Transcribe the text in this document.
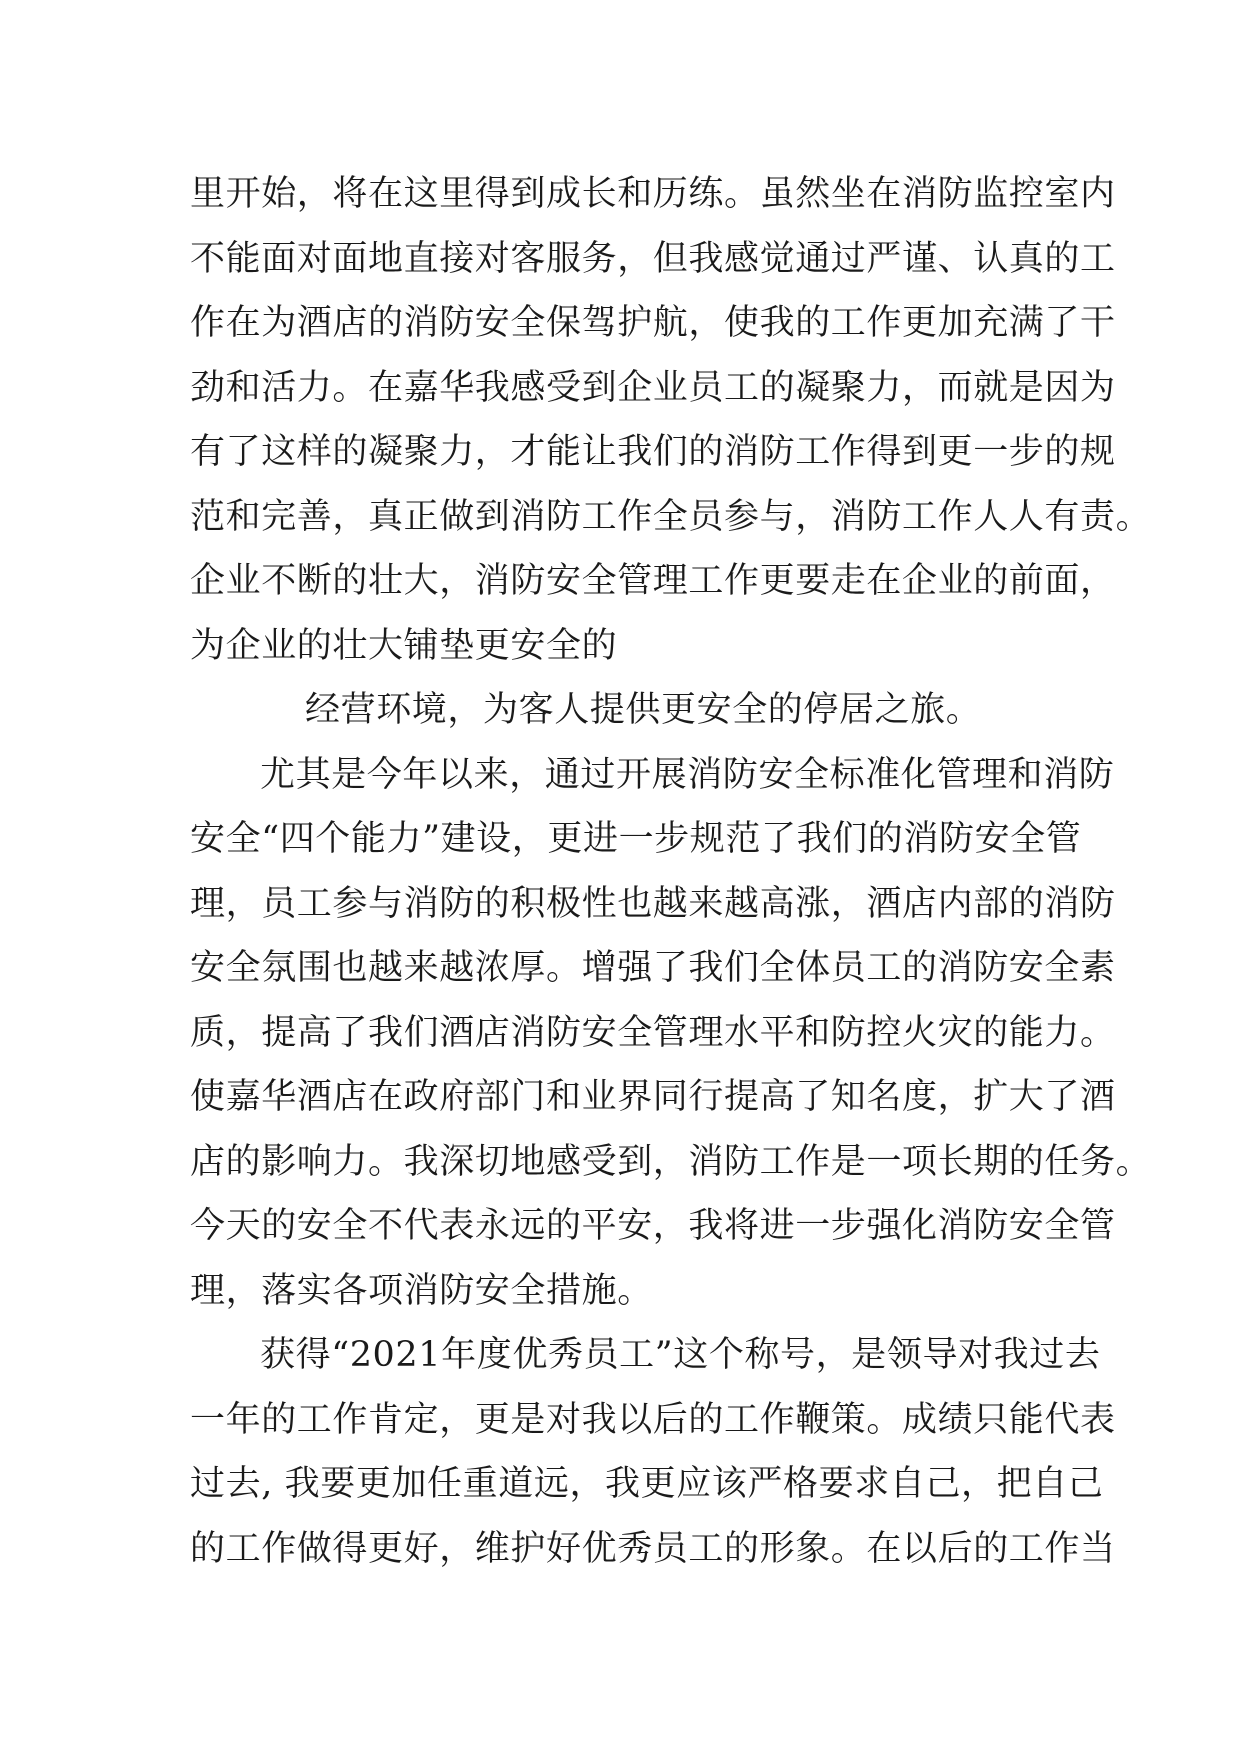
里开始，将在这里得到成长和历练。虽然坐在消防监控室内
不能面对面地直接对客服务，但我感觉通过严谨、认真的工
作在为酒店的消防安全保驾护航，使我的工作更加充满了干
劲和活力。在嘉华我感受到企业员工的凝聚力，而就是因为
有了这样的凝聚力，才能让我们的消防工作得到更一步的规
范和完善，真正做到消防工作全员参与，消防工作人人有责。
企业不断的壮大，消防安全管理工作更要走在企业的前面，
为企业的壮大铺垫更安全的
经营环境，为客人提供更安全的停居之旅。
尤其是今年以来，通过开展消防安全标准化管理和消防
安全“四个能力”建设，更进一步规范了我们的消防安全管
理，员工参与消防的积极性也越来越高涨，酒店内部的消防
安全氛围也越来越浓厚。增强了我们全体员工的消防安全素
质，提高了我们酒店消防安全管理水平和防控火灾的能力。
使嘉华酒店在政府部门和业界同行提高了知名度，扩大了酒
店的影响力。我深切地感受到，消防工作是一项长期的任务。
今天的安全不代表永远的平安，我将进一步强化消防安全管
理，落实各项消防安全措施。
获得“2021年度优秀员工”这个称号，是领导对我过去
一年的工作肯定，更是对我以后的工作鞭策。成绩只能代表
过去, 我要更加任重道远，我更应该严格要求自己，把自己
的工作做得更好，维护好优秀员工的形象。在以后的工作当
